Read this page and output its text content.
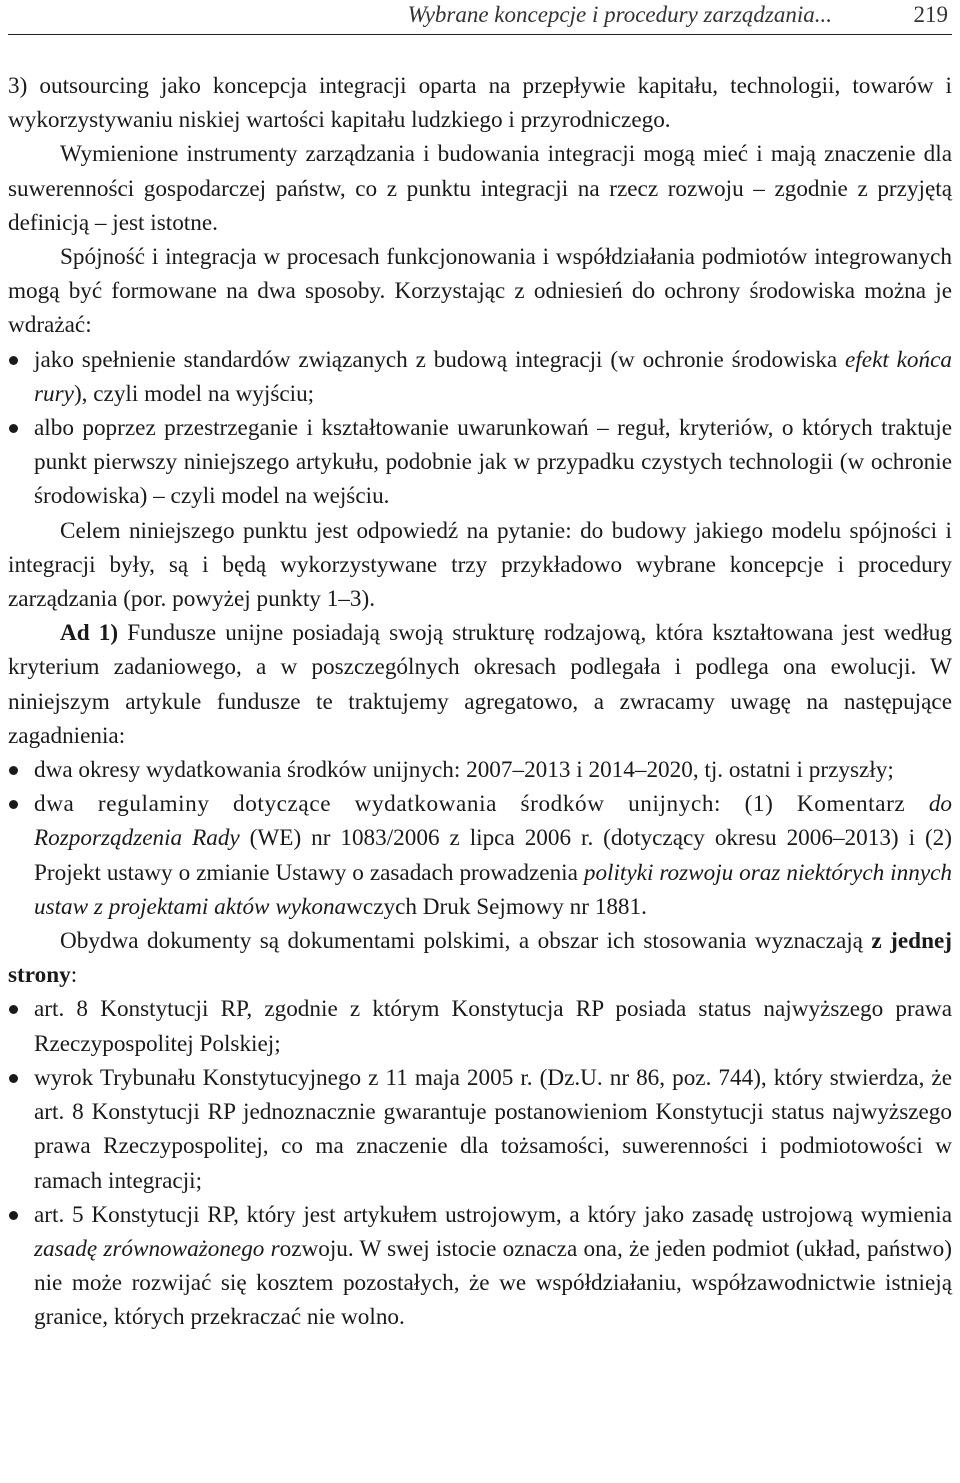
Wybrane koncepcje i procedury zarządzania...	219

3) outsourcing jako koncepcja integracji oparta na przepływie kapitału, technologii, towarów i wykorzystywaniu niskiej wartości kapitału ludzkiego i przyrodniczego.

Wymienione instrumenty zarządzania i budowania integracji mogą mieć i mają znaczenie dla suwerenności gospodarczej państw, co z punktu integracji na rzecz rozwoju – zgodnie z przyjętą definicją – jest istotne.

Spójność i integracja w procesach funkcjonowania i współdziałania podmiotów integrowanych mogą być formowane na dwa sposoby. Korzystając z odniesień do ochrony środowiska można je wdrażać:

jako spełnienie standardów związanych z budową integracji (w ochronie środowiska efekt końca rury), czyli model na wyjściu;
albo poprzez przestrzeganie i kształtowanie uwarunkowań – reguł, kryteriów, o których traktuje punkt pierwszy niniejszego artykułu, podobnie jak w przypadku czystych technologii (w ochronie środowiska) – czyli model na wejściu.

Celem niniejszego punktu jest odpowiedź na pytanie: do budowy jakiego modelu spójności i integracji były, są i będą wykorzystywane trzy przykładowo wybrane koncepcje i procedury zarządzania (por. powyżej punkty 1–3).

Ad 1) Fundusze unijne posiadają swoją strukturę rodzajową, która kształtowana jest według kryterium zadaniowego, a w poszczególnych okresach podlegała i podlega ona ewolucji. W niniejszym artykule fundusze te traktujemy agregatowo, a zwracamy uwagę na następujące zagadnienia:

dwa okresy wydatkowania środków unijnych: 2007–2013 i 2014–2020, tj. ostatni i przyszły;
dwa regulaminy dotyczące wydatkowania środków unijnych: (1) Komentarz do Rozporządzenia Rady (WE) nr 1083/2006 z lipca 2006 r. (dotyczący okresu 2006–2013) i (2) Projekt ustawy o zmianie Ustawy o zasadach prowadzenia polityki rozwoju oraz niektórych innych ustaw z projektami aktów wykonawczych Druk Sejmowy nr 1881.

Obydwa dokumenty są dokumentami polskimi, a obszar ich stosowania wyznaczają z jednej strony:

art. 8 Konstytucji RP, zgodnie z którym Konstytucja RP posiada status najwyższego prawa Rzeczypospolitej Polskiej;
wyrok Trybunału Konstytucyjnego z 11 maja 2005 r. (Dz.U. nr 86, poz. 744), który stwierdza, że art. 8 Konstytucji RP jednoznacznie gwarantuje postanowieniom Konstytucji status najwyższego prawa Rzeczypospolitej, co ma znaczenie dla tożsamości, suwerenności i podmiotowości w ramach integracji;
art. 5 Konstytucji RP, który jest artykułem ustrojowym, a który jako zasadę ustrojową wymienia zasadę zrównoważonego rozwoju. W swej istocie oznacza ona, że jeden podmiot (układ, państwo) nie może rozwijać się kosztem pozostałych, że we współdziałaniu, współzawodnictwie istnieją granice, których przekraczać nie wolno.
